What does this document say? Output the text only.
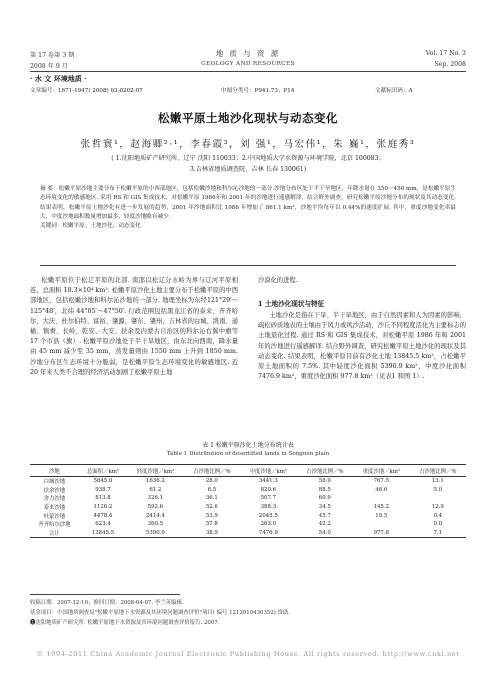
第 17 卷第 3 期	地 质 与 资 源	Vol. 17 No. 3
2008 年 9 月	GEOLOGY AND RESOURCES	Sep. 2008
· 水 文 环境地质 ·
文章编号：1671-1947( 2008) 03-0202-07	中图分类号：P941.73；P14	文献标识码：A
松嫩平原土地沙化现状与动态变化
张哲寰¹，赵海卿²·¹，李春霞³，刘 强¹，马宏伟¹，朱 巍¹，张庭秀³
( 1.沈阳地质矿产研究所，辽宁 沈阳 110033；2.中国地质大学水资源与环境学院，北京 100083；
3.吉林省地质调查院，吉林 长春 130061)
摘 要：松嫩平原沙地主要分布于松嫩平原的中西部地区，包括松嫩沙地和科尔沁沙地的一部分.沙地分布区处于半干旱地区，年降水量在 350～450 mm，是松嫩平原生态环境变化的敏感地区. 采用 RS 和 GIS 集成技术，对松嫩平原 1986年和 2001 年的沙地进行遥感解译，结合野外调查，研究松嫩平原沙地分布的现状及其动态变化. 结果表明，松嫩平原土地沙化有进一步发展的趋势，2001 年沙地面积比 1986 年增加了 861.1 km²，沙地平均每年以 0.44%的速度扩展. 其中，重度沙地变化率最大，中度沙地面积数量增加最多，轻度沙地略有减少.
关键词：松嫩平原；土地沙化；动态变化
松嫩平原位于松辽平原的北部. 南部以松辽分水岭为界与辽河平原相连，总面积 18.3×10⁴ km². 松嫩平原沙化土地主要分布于松嫩平原的中西部地区，包括松嫩沙地和科尔沁沙地的一部分. 地理坐标为东经121°29′～125°48′，北纬 44°05′～47°50′. 行政范围包括黑龙江省的泰来、齐齐哈尔、大庆、杜尔伯特、富裕、肇源、肇东、肇州，吉林省的白城、洮南、通榆、镇赉、长岭、乾安、大安、扶余及内蒙古自治区的科尔沁右翼中旗等 17 个市县（旗）. 松嫩平原沙地处于半干旱地区，由东北向西南，降水量由 45 mm 减少至 35 mm，蒸发量则由 1550 mm 上升到 1850 mm. 沙地分布区生态环境十分脆弱，是松嫩平原生态环境变化的敏感地区. 近 20 年来人类不合理的经济活动加剧了松嫩平原土地
沙漠化的进程.
1 土地沙化现状与特征
土地沙化是指在干旱、半干旱地区，由于自然因素和人为因素的影响，疏松砂质地表的土壤由于风力或风沙活动，沙丘不同程度活化为主要标志的土地退化过程. 通过 RS 和 GIS 集成技术，对松嫩平原 1986 年和 2001 年的沙地进行遥感解译. 结合野外调查，研究松嫩平原土地沙化的现状及其动态变化. 结果表明，松嫩平原目前有沙化土地 13845.5 km²，占松嫩平原土地面积的 7.5%. 其中轻度沙化面积 5390.9 km²，中度沙化面积 7476.9 km²，重度沙化面积 977.8 km²（见表1 和图 1）.
表 1 松嫩平原沙化土地分布统计表
Table 1 Distribution of desertified lands in Songnen plain
沙地	总面积／km²	轻度沙地／km²	占沙地比例／%	中度沙地／km²	占沙地比例／%	重度沙地／km²	占沙地比例／%
白城沙地	5845.0	1636.2	28.0	3441.3	58.9	767.5	13.1
扶余沙地	938.7	61.2	6.5	820.6	88.5	46.6	5.0
舍力沙地	813.8	326.1	36.1	507.7	60.9		
泰来沙地	1126.2	592.6	52.6	388.3	34.5	145.2	12.9
杜蒙沙地	4478.4	2414.4	53.9	2045.5	45.7	18.5	0.4
齐齐哈尔沙地	623.4	360.5	57.8	263.0	42.2		0.0
合计	13845.5	5390.9	38.9	7476.9	54.0	977.8	7.1
收稿日期：2007-12-10；修回日期：2008-04-07. 李兰英编辑.
基金项目：中国地质调查局"松嫩平原地下水资源及其环境问题调查评价"项目( 编号 1212010430352) 资助.
❶沈阳地质矿产研究所. 松嫩平原地下水资源及其环境问题调查评价报告. 2007.
© 1994-2011 China Academic Journal Electronic Publishing House. All rights reserved. http://www.cnki.net
